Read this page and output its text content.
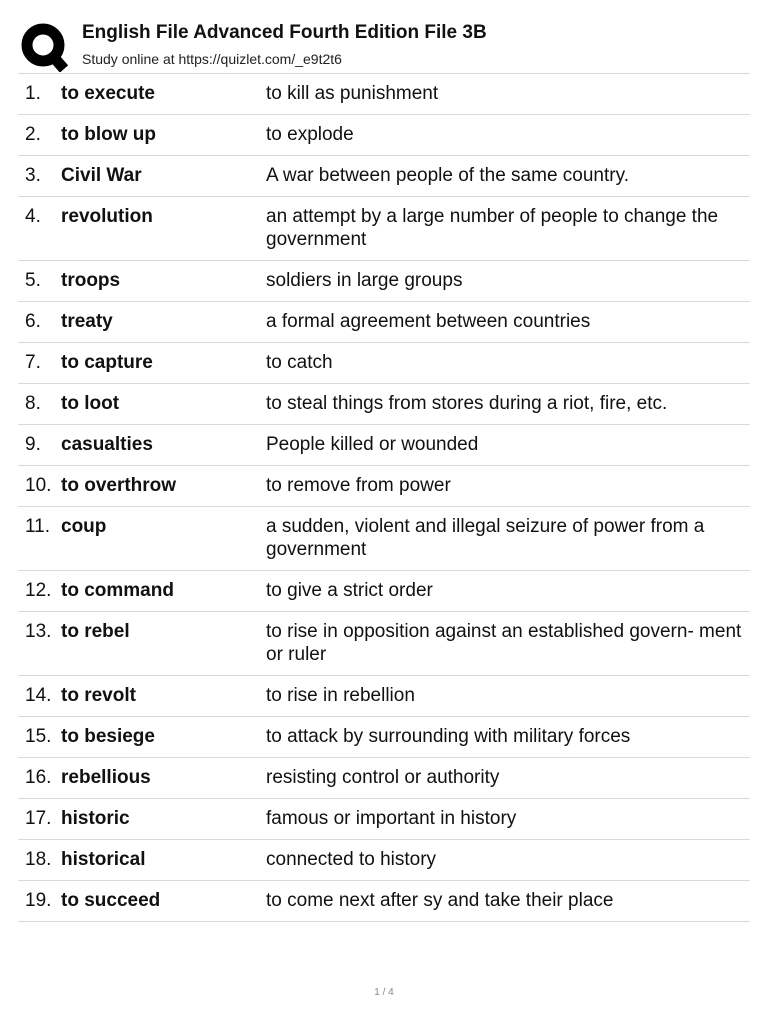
English File Advanced Fourth Edition File 3B
Study online at https://quizlet.com/_e9t2t6
1.	to execute	to kill as punishment
2.	to blow up	to explode
3.	Civil War	A war between people of the same country.
4.	revolution	an attempt by a large number of people to change the government
5.	troops	soldiers in large groups
6.	treaty	a formal agreement between countries
7.	to capture	to catch
8.	to loot	to steal things from stores during a riot, fire, etc.
9.	casualties	People killed or wounded
10. to overthrow	to remove from power
11. coup	a sudden, violent and illegal seizure of power from a government
12. to command	to give a strict order
13. to rebel	to rise in opposition against an established govern- ment or ruler
14. to revolt	to rise in rebellion
15. to besiege	to attack by surrounding with military forces
16. rebellious	resisting control or authority
17. historic	famous or important in history
18. historical	connected to history
19. to succeed	to come next after sy and take their place
1 / 4
